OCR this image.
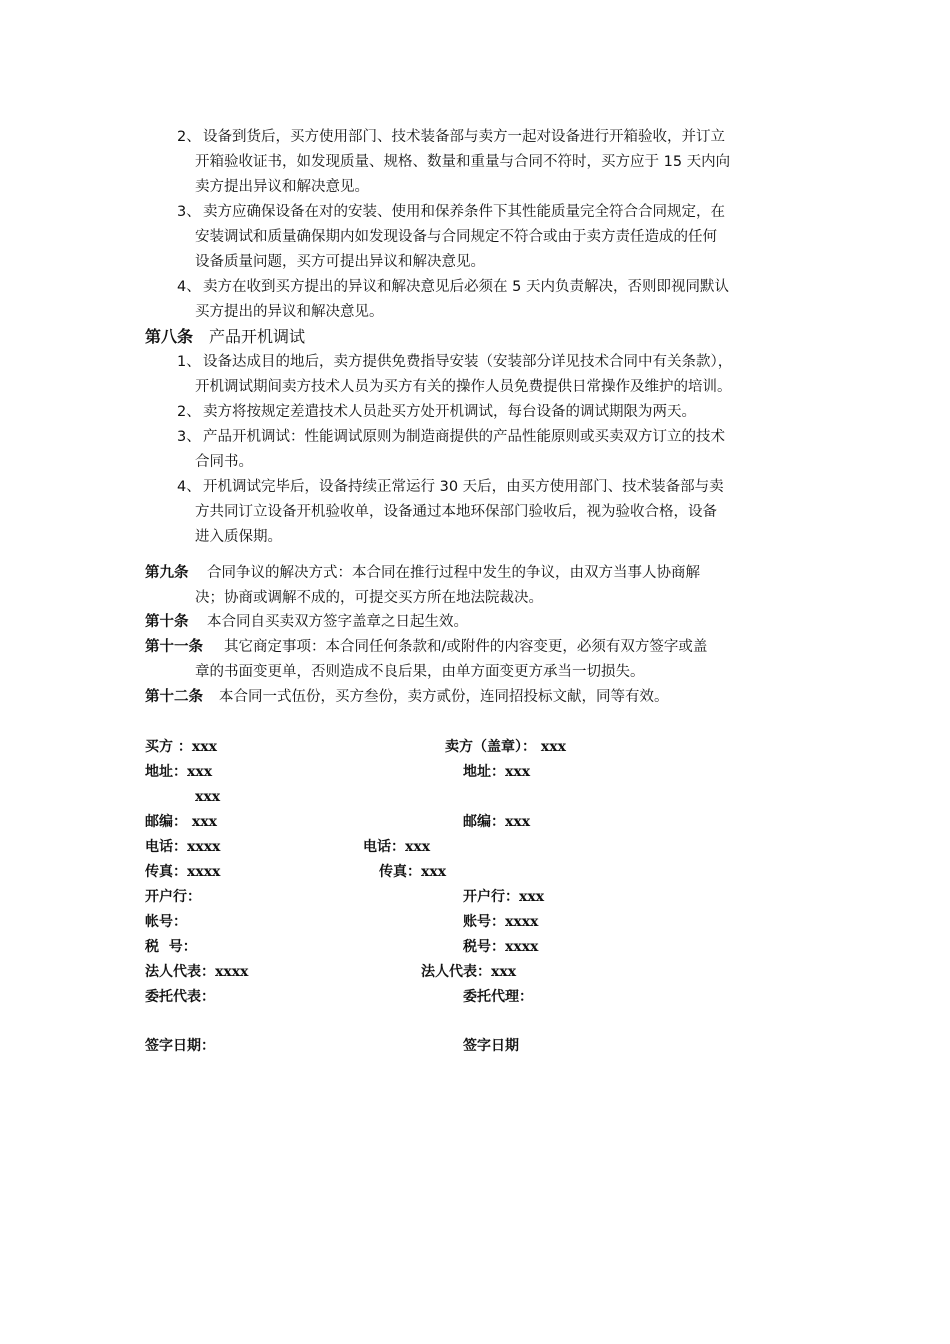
2、 设备到货后，买方使用部门、技术装备部与卖方一起对设备进行开箱验收，并订立
开箱验收证书，如发现质量、规格、数量和重量与合同不符时，买方应于 15 天内向
卖方提出异议和解决意见。
3、 卖方应确保设备在对的安装、使用和保养条件下其性能质量完全符合合同规定，在
安装调试和质量确保期内如发现设备与合同规定不符合或由于卖方责任造成的任何
设备质量问题，买方可提出异议和解决意见。
4、 卖方在收到买方提出的异议和解决意见后必须在 5 天内负责解决，否则即视同默认
买方提出的异议和解决意见。
第八条 产品开机调试
1、 设备达成目的地后，卖方提供免费指导安装（安装部分详见技术合同中有关条款），
开机调试期间卖方技术人员为买方有关的操作人员免费提供日常操作及维护的培训。
2、 卖方将按规定差遣技术人员赴买方处开机调试，每台设备的调试期限为两天。
3、 产品开机调试：性能调试原则为制造商提供的产品性能原则或买卖双方订立的技术
合同书。
4、 开机调试完毕后，设备持续正常运行 30 天后，由买方使用部门、技术装备部与卖
方共同订立设备开机验收单，设备通过本地环保部门验收后，视为验收合格，设备
进入质保期。
第九条 合同争议的解决方式：本合同在推行过程中发生的争议，由双方当事人协商解
决；协商或调解不成的，可提交买方所在地法院裁决。
第十条 本合同自买卖双方签字盖章之日起生效。
第十一条 其它商定事项：本合同任何条款和/或附件的内容变更，必须有双方签字或盖
章的书面变更单，否则造成不良后果，由单方面变更方承当一切损失。
第十二条 本合同一式伍份，买方叁份，卖方贰份，连同招投标文献，同等有效。
买方 ：xxx	卖方（盖章）： xxx
地址：xxx	地址：xxx
xxx
邮编： xxx	邮编：xxx
电话：xxxx	电话：xxx
传真：xxxx	传真：xxx
开户行：	开户行：xxx
帐号：	账号：xxxx
税  号：	税号：xxxx
法人代表：xxxx	法人代表：xxx
委托代表：	委托代理：
签字日期：	签字日期
